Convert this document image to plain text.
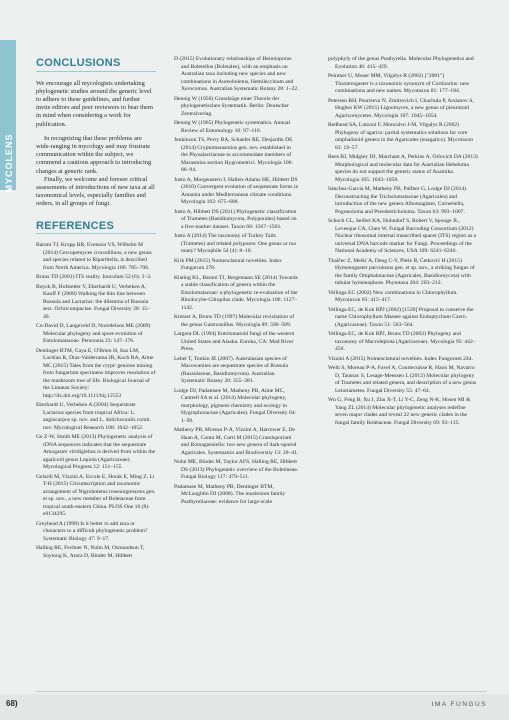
MYCOLENS
CONCLUSIONS

We encourage all mycologists undertaking phylogenetic studies around the generic level to adhere to these guidelines, and further invite editors and peer reviewers to bear them in mind when considering a work for publication.

In recognizing that these problems are wide-ranging in mycology and may frustrate communication within the subject, we commend a cautious approach to introducing changes at generic rank.

Finally, we welcome and foresee critical assessments of introductions of new taxa at all taxonomical levels, especially families and orders, in all groups of fungi.

REFERENCES

Baroni TJ, Kropp BR, Evenson VS, Wilhelm M (2014) Cercopemyces crocodilinus, a new genus and species related to Ripartitella, is described from North America. Mycologia 106: 785–796.

Bruns TD (2001) ITS reality. Inoculum 52 (6): 2–3.

Buyck B, Hofstetter V, Eberhardt U, Verbeken A, Kauff F (2008) Walking the thin line between Russula and Lactarius: the dilemma of Russula sect. Ochricompactae. Fungal Diversity 28: 15–40.

Co-David D, Langeveld D, Noordeloos ME (2009) Molecular phylogeny and spore evolution of Entolomataceae. Persoonia 23: 147–176.

Dentinger BTM, Gaya E, O'Brien H, Suz LM, Lachlan R, Díaz-Valderrama JR, Koch RA, Aime MC (2015) Tales from the crypt: genome mining from fungarium specimens improves resolution of the mushroom tree of life. Biological Journal of the Linnean Society: http://dx.doi.org/10.1111/bij.12553

Eberhardt U, Verbeken A (2004) Sequestrate Lactarius species from tropical Africa: L. angiocarpus sp. nov. and L. dolichocaulis comb. nov. Mycological Research 108: 1042–1052.

Ge Z-W, Smith ME (2013) Phylogenetic analysis of rDNA sequences indicates that the sequestrate Amogaster viridiglebus is derived from within the agaricoid genus Lepiota (Agaricaceae). Mycological Progress 12: 151–155.

Gelardi M, Vizzini A, Ercole E, Horak E, Ming Z, Li T-H (2015) Circumscription and taxonomic arrangement of Nigroboletus roseonigrescens gen. et sp. nov., a new member of Boletaceae from tropical south-eastern China. PLOS One 10 (8): e0134295.

Greyhead A (1998) Is it better to add taxa or characters to a difficult phylogenetic problem? Systematic Biology 47: 9–17.

Halling RE, Fechner N, Nuhn M, Osmundson T, Soytong K, Arora D, Binder M, Hibbett

D (2015) Evolutionary relationships of Heimioporus and Boletellus (Boletales), with an emphasis on Australian taxa including new species and new combinations in Aureoboletus, Hemileccinum and Xerocomus. Australian Systematic Botany 28: 1–22.

Hennig W (1950) Grundzüge einer Theorie der phylogenetischen Systematik. Berlin: Deutscher Zentralverlag.

Hennig W (1965) Phylogenetic systematics. Annual Review of Entomology 10: 97–116.

Jenkinson TS, Perry BA, Schaefer RE, Desjardin DE (2014) Cryptomarasmius gen. nov. established in the Physalacriaceae to accommodate members of Marasmius section Hygrometrici. Mycologia 106: 86–94.

Justo A, Morgenstern I, Hallen-Adams HE, Hibbett DS (2010) Convergent evolution of sequestrate forms in Amanita under Mediterranean climate conditions. Mycologia 102: 675–688.

Justo A, Hibbett DS (2011) Phylogenetic classification of Trametes (Basidiomycota, Polyporales) based on a five-marker dataset. Taxon 60: 1567–1583.

Justo A (2014) The taxonomy of Turkey Tails (Trametes) and related polypores: One genus or too many? Mycophile 54 (4): 8–10.

Kirk PM (2015) Nomenclatural novelties. Index Fungorum 278.

Klating KL, Baroni TJ, Bergemann SE (2014) Towards a stable classification of genera within the Entolomataceae: a phylogenetic re-evaluation of the Rhodocybe-Clitopilus clade. Mycologia 106: 1127–1142.

Kretzer A, Bruns TD (1997) Molecular revisitation of the genus Gastrosuillus. Mycologia 89: 586–589.

Largent DL (1994) Entolomatoid fungi of the western United States and Alaska. Eureka, CA: Mad River Press.

Lebel T, Tonkin JE (2007). Australasian species of Macowanites are sequestrate species of Russula (Russulaceae, Basidiomycota). Australian Systematic Botany 20: 355–381.

Lodge DJ, Padamsee M, Matheny PB, Aime MC, Cantrell SA et al. (2014) Molecular phylogeny, morphology, pigment chemistry and ecology in Hygrophoraceae (Agaricales). Fungal Diversity 64: 1–99.

Matheny PB, Moreau P-A, Vizzini A, Harrower E, De Haan A, Contu M, Curti M (2015) Crassisporium and Romagnesiella: two new genera of dark-spored Agaricales. Systematics and Biodiversity 13: 28–41.

Nuhn ME, Binder M, Taylor AFS, Halling RE, Hibbett DS (2013) Phylogenetic overview of the Boletineae. Fungal Biology 117: 479–511.

Padamsee M, Matheny PB, Dentinger BTM, McLaughlin DJ (2008). The mushroom family Psathyrellaceae: evidence for large-scale

polyphyly of the genus Psathyrella. Molecular Phylogenetics and Evolution 46: 415–429.

Peintner U, Moser MM, Vilgalys R (2002) ["2001"] Thaxterogaster is a taxonomic synonym of Cortinarius: new combinations and new names. Mycotaxon 81: 177–184.

Petersen RH, Psurtseva N, Zmitrovich I, Chachuła P, Arslanov S, Hughes KW (2015) Lignomyces, a new genus of pleurotoid Agaricomycetes. Mycologia 107: 1045–1054.

Redhead SA, Lutzoni F, Moncalvo J-M, Vilgalys R (2002) Phylogeny of agarics: partial systematics solutions for core omphalinoid genera in the Agaricales (euagarics). Mycotaxon 83: 19–57.

Rees BJ, Midgley DJ, Marchant A, Perkins A, Orlovich DA (2013) Morphological and molecular data for Australian Hebeloma species do not support the generic status of Anamika. Mycologia 105: 1043–1058.

Sánchez-García M, Matheny PB, Palfner G, Lodge DJ (2014) Deconstructing the Tricholomataceae (Agaricales) and introduction of the new genera Albomagister, Corneriella, Pogonoloma and Pseudotricholoma. Taxon 63: 993–1007.

Schoch CL, Seifert KA, Huhndorf S, Robert V, Spouge JL, Levesque CA, Chen W, Fungal Barcoding Consortium (2012) Nuclear ribosomal internal transcribed spacer (ITS) region as a universal DNA barcode marker for Fungi. Proceedings of the National Academy of Sciences, USA 109: 6241–6246.

Tkalčec Z, Mešić A, Deng C-Y, Pleše B, Ćetković H (2015) Hymenogaster parvulosus gen. et sp. nov., a striking fungus of the family Omphalotaceae (Agaricales, Basidiomycota) with tubular hymenophore. Phytotaxa 204: 203–212.

Vellinga EC (2002) New combinations in Chlorophyllum. Mycotaxon 83: 415–417.

Vellinga EC, de Kok RPJ (2002) [1539] Proposal to conserve the name Chlorophyllum Massee against Endoptychum Czern. (Agaricaceae). Taxon 51: 563–564.

Vellinga EC, de Kok RPJ, Bruns TD (2003) Phylogeny and taxonomy of Macrolepiota (Agaricaceae). Mycologia 95: 442–456.

Vizzini A (2015) Nomenclatural novelties. Index Fungorum 244.

Welti S, Moreau P-A, Favel A, Courtecuisse R, Haon M, Navarro D, Taussac S, Lesage-Meessen L (2012) Molecular phylogeny of Trametes and related genera, and description of a new genus Leiotrametes. Fungal Diversity 55: 47–64.

Wu G, Feng B, Xu J, Zhu X-T, Li Y-C, Zeng N-K, Hosen MI & Yang ZL (2014) Molecular phylogenetic analyses redefine seven major clades and reveal 22 new generic clades in the fungal family Boletaceae. Fungal Diversity 69: 93–115.

68)	IMA FUNGUS
